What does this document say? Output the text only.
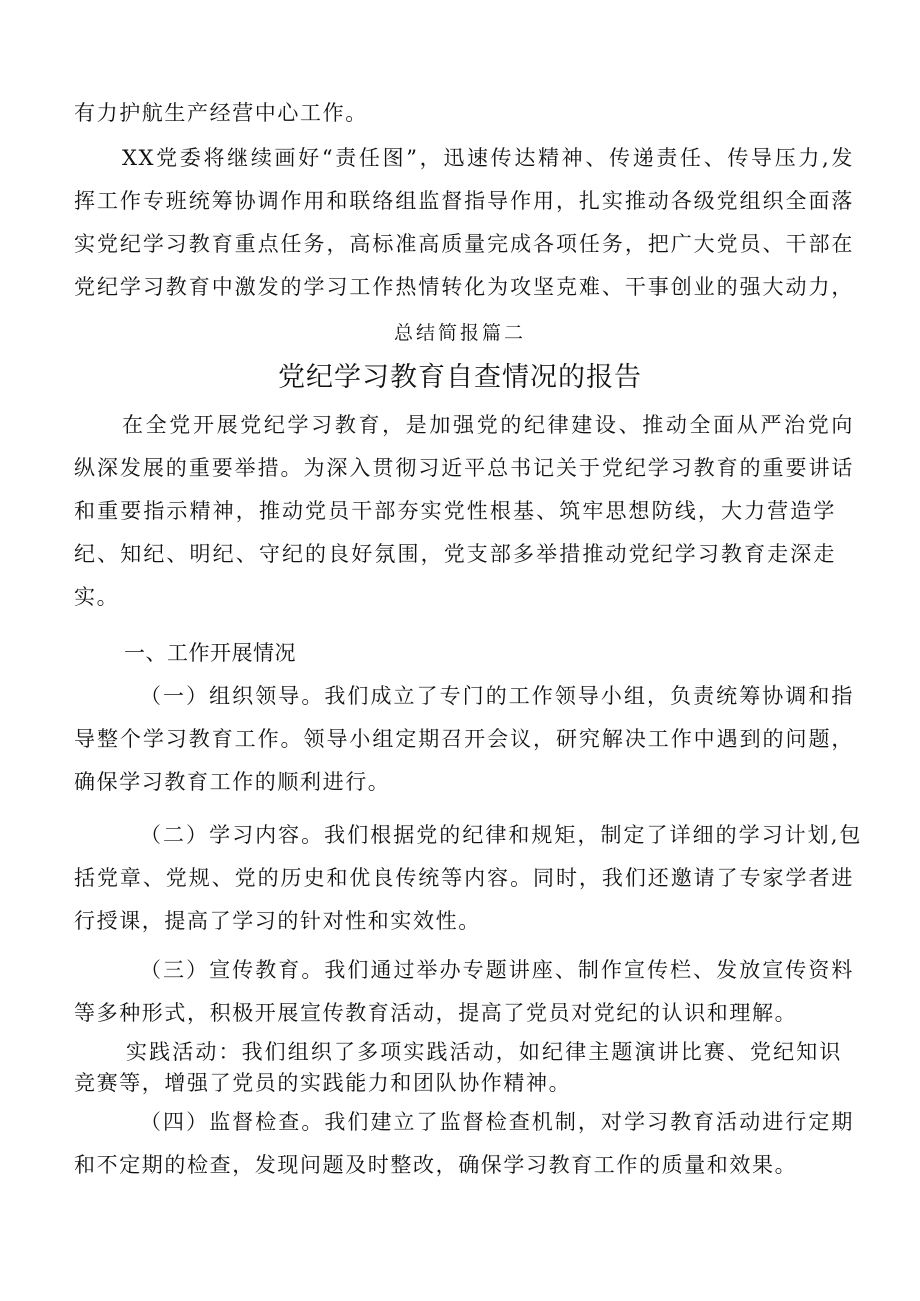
有力护航生产经营中心工作。

XX党委将继续画好“责任图”，迅速传达精神、传递责任、传导压力,发

挥工作专班统筹协调作用和联络组监督指导作用，扎实推动各级党组织全面落

实党纪学习教育重点任务，高标准高质量完成各项任务，把广大党员、干部在

党纪学习教育中激发的学习工作热情转化为攻坚克难、干事创业的强大动力，

总结简报篇二

党纪学习教育自查情况的报告

在全党开展党纪学习教育，是加强党的纪律建设、推动全面从严治党向

纵深发展的重要举措。为深入贯彻习近平总书记关于党纪学习教育的重要讲话

和重要指示精神，推动党员干部夯实党性根基、筑牢思想防线，大力营造学

纪、知纪、明纪、守纪的良好氛围，党支部多举措推动党纪学习教育走深走

实。

一、工作开展情况

（一）组织领导。我们成立了专门的工作领导小组，负责统筹协调和指

导整个学习教育工作。领导小组定期召开会议，研究解决工作中遇到的问题，

确保学习教育工作的顺利进行。

（二）学习内容。我们根据党的纪律和规矩，制定了详细的学习计划,包

括党章、党规、党的历史和优良传统等内容。同时，我们还邀请了专家学者进

行授课，提高了学习的针对性和实效性。

（三）宣传教育。我们通过举办专题讲座、制作宣传栏、发放宣传资料

等多种形式，积极开展宣传教育活动，提高了党员对党纪的认识和理解。

实践活动：我们组织了多项实践活动，如纪律主题演讲比赛、党纪知识

竞赛等，增强了党员的实践能力和团队协作精神。

（四）监督检查。我们建立了监督检查机制，对学习教育活动进行定期

和不定期的检查，发现问题及时整改，确保学习教育工作的质量和效果。
